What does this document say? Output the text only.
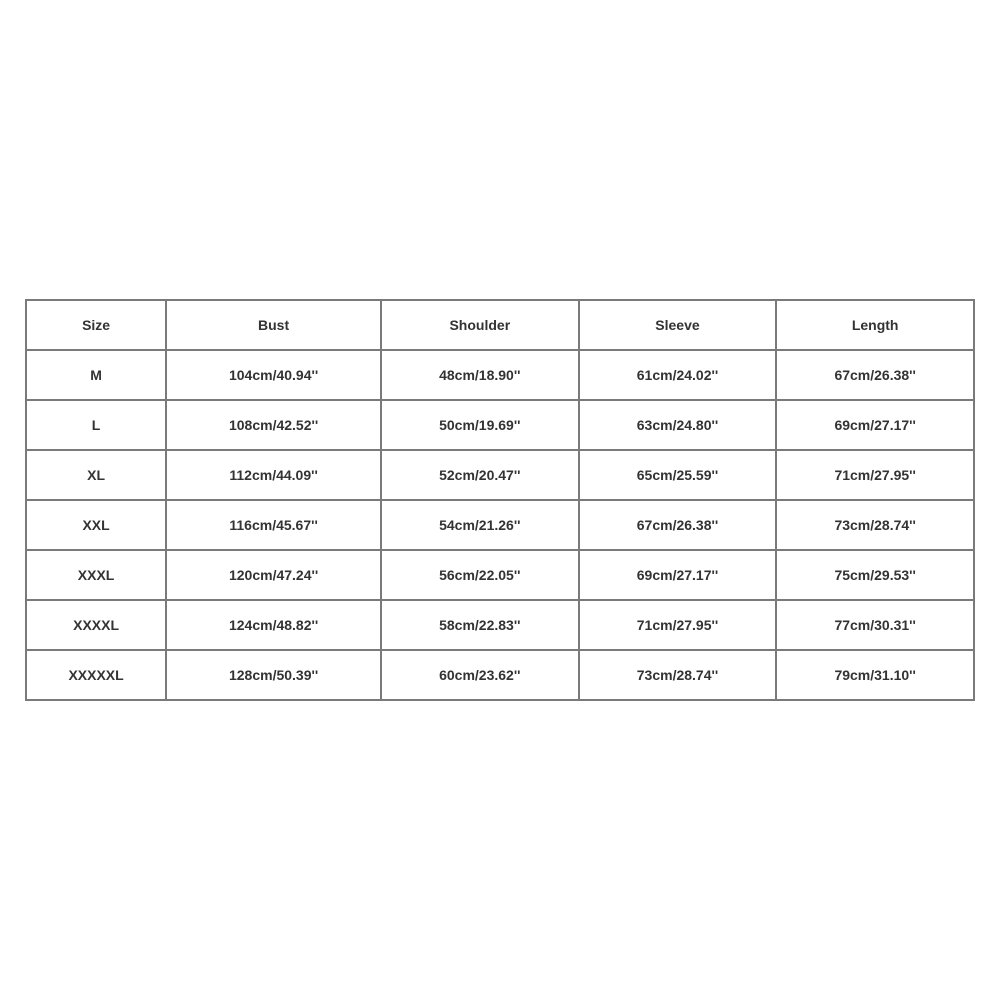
Size	Bust	Shoulder	Sleeve	Length
M	104cm/40.94''	48cm/18.90''	61cm/24.02''	67cm/26.38''
L	108cm/42.52''	50cm/19.69''	63cm/24.80''	69cm/27.17''
XL	112cm/44.09''	52cm/20.47''	65cm/25.59''	71cm/27.95''
XXL	116cm/45.67''	54cm/21.26''	67cm/26.38''	73cm/28.74''
XXXL	120cm/47.24''	56cm/22.05''	69cm/27.17''	75cm/29.53''
XXXXL	124cm/48.82''	58cm/22.83''	71cm/27.95''	77cm/30.31''
XXXXXL	128cm/50.39''	60cm/23.62''	73cm/28.74''	79cm/31.10''
